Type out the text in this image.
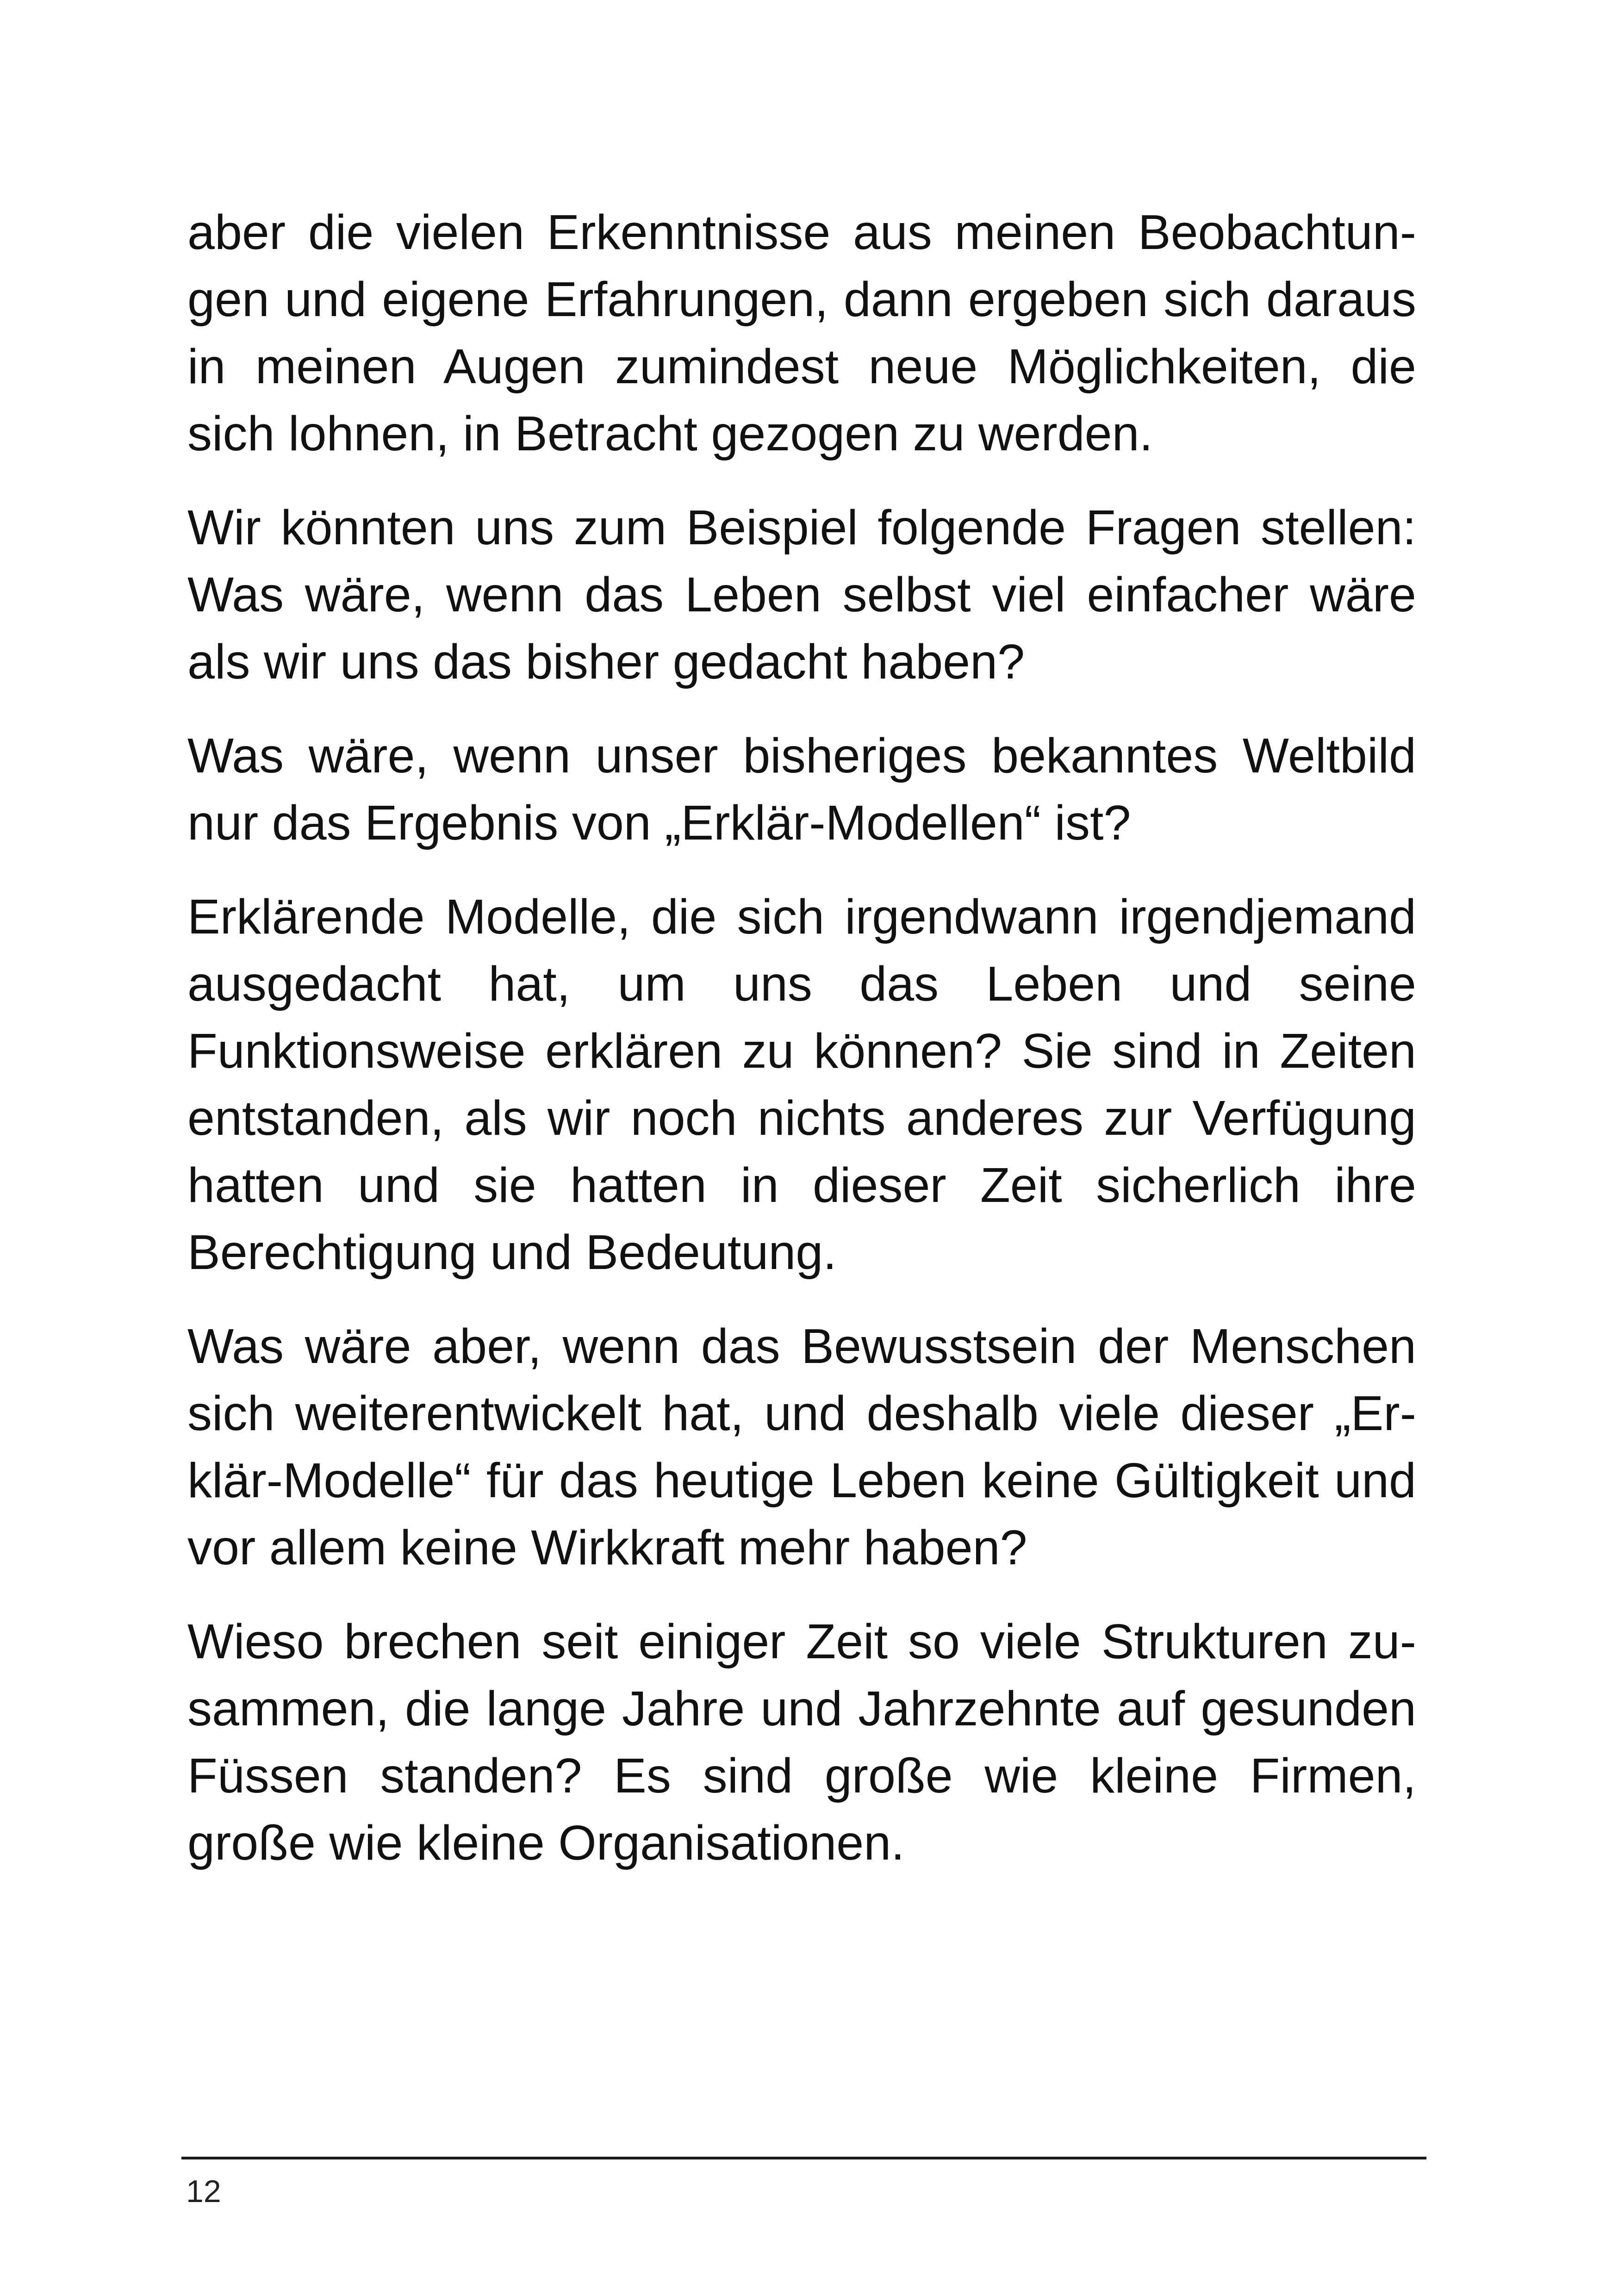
aber die vielen Erkenntnisse aus meinen Beobachtungen und eigene Erfahrungen, dann ergeben sich daraus in meinen Augen zumindest neue Möglichkeiten, die sich lohnen, in Betracht gezogen zu werden.

Wir könnten uns zum Beispiel folgende Fragen stellen: Was wäre, wenn das Leben selbst viel einfacher wäre als wir uns das bisher gedacht haben?

Was wäre, wenn unser bisheriges bekanntes Weltbild nur das Ergebnis von „Erklär-Modellen“ ist?

Erklärende Modelle, die sich irgendwann irgendjemand ausgedacht hat, um uns das Leben und seine Funktionsweise erklären zu können? Sie sind in Zeiten entstanden, als wir noch nichts anderes zur Verfügung hatten und sie hatten in dieser Zeit sicherlich ihre Berechtigung und Bedeutung.

Was wäre aber, wenn das Bewusstsein der Menschen sich weiterentwickelt hat, und deshalb viele dieser „Erklär-Modelle“ für das heutige Leben keine Gültigkeit und vor allem keine Wirkkraft mehr haben?

Wieso brechen seit einiger Zeit so viele Strukturen zusammen, die lange Jahre und Jahrzehnte auf gesunden Füssen standen? Es sind große wie kleine Firmen, große wie kleine Organisationen.

12
